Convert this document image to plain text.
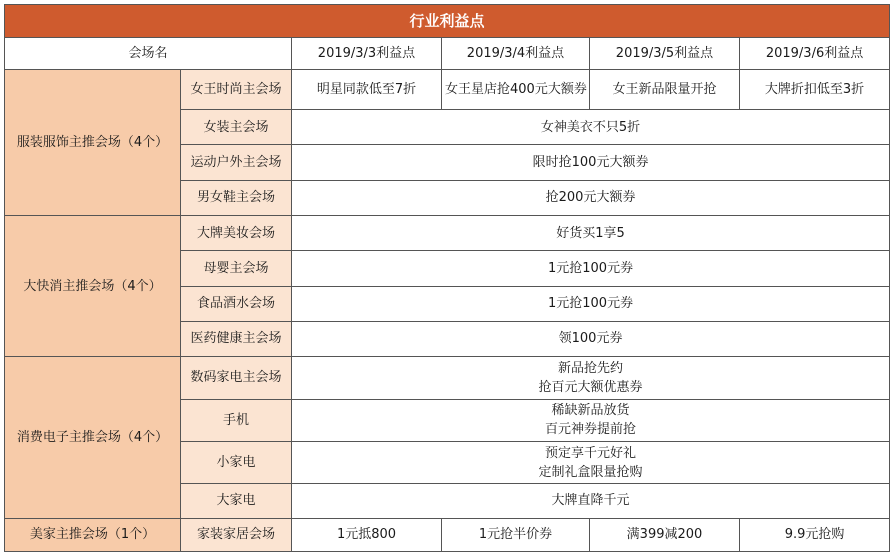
行业利益点					
会场名		2019/3/3利益点	2019/3/4利益点	2019/3/5利益点	2019/3/6利益点
服装服饰主推会场（4个）	女王时尚主会场	明星同款低至7折	女王星店抢400元大额券	女王新品限量开抢	大牌折扣低至3折
	女装主会场	女神美衣不只5折			

	运动户外主会场	限时抢100元大额券			

	男女鞋主会场	抢200元大额券			

大快消主推会场（4个）	大牌美妆会场	好货买1享5			

	母婴主会场	1元抢100元券			

	食品酒水会场	1元抢100元券			

	医药健康主会场	领100元券			

消费电子主推会场（4个）	数码家电主会场	新品抢先约
抢百元大额优惠券			

	手机	稀缺新品放货
百元神券提前抢			

	小家电	预定享千元好礼
定制礼盒限量抢购			

	大家电	大牌直降千元			

美家主推会场（1个）	家装家居会场	1元抵800	1元抢半价券	满399减200	9.9元抢购
